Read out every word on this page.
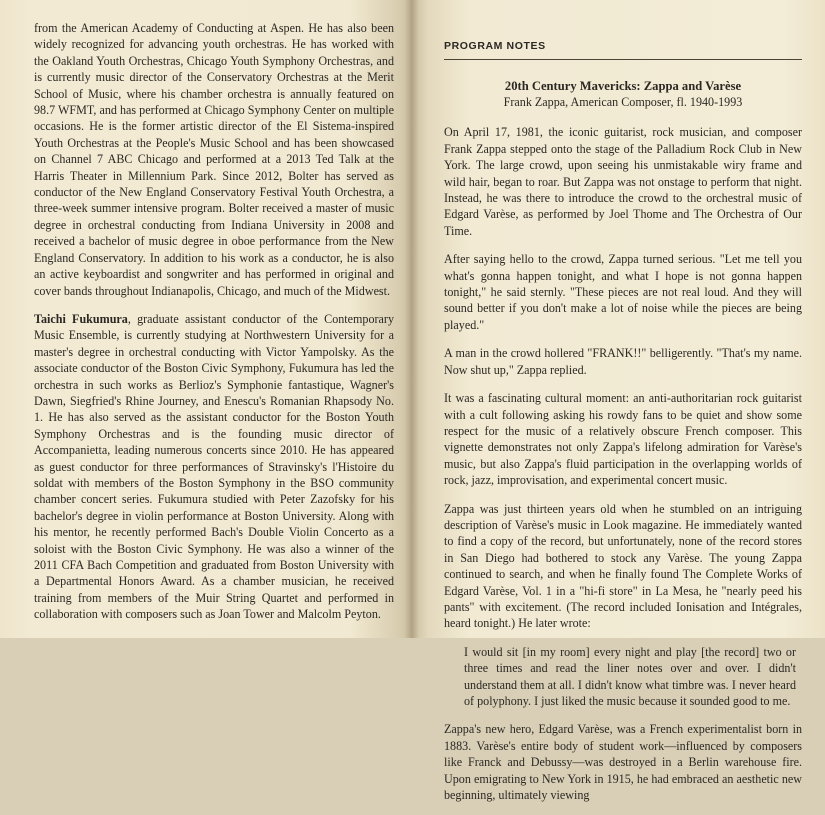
from the American Academy of Conducting at Aspen. He has also been widely recognized for advancing youth orchestras. He has worked with the Oakland Youth Orchestras, Chicago Youth Symphony Orchestras, and is currently music director of the Conservatory Orchestras at the Merit School of Music, where his chamber orchestra is annually featured on 98.7 WFMT, and has performed at Chicago Symphony Center on multiple occasions. He is the former artistic director of the El Sistema-inspired Youth Orchestras at the People's Music School and has been showcased on Channel 7 ABC Chicago and performed at a 2013 Ted Talk at the Harris Theater in Millennium Park. Since 2012, Bolter has served as conductor of the New England Conservatory Festival Youth Orchestra, a three-week summer intensive program. Bolter received a master of music degree in orchestral conducting from Indiana University in 2008 and received a bachelor of music degree in oboe performance from the New England Conservatory. In addition to his work as a conductor, he is also an active keyboardist and songwriter and has performed in original and cover bands throughout Indianapolis, Chicago, and much of the Midwest.

Taichi Fukumura, graduate assistant conductor of the Contemporary Music Ensemble, is currently studying at Northwestern University for a master's degree in orchestral conducting with Victor Yampolsky. As the associate conductor of the Boston Civic Symphony, Fukumura has led the orchestra in such works as Berlioz's Symphonie fantastique, Wagner's Dawn, Siegfried's Rhine Journey, and Enescu's Romanian Rhapsody No. 1. He has also served as the assistant conductor for the Boston Youth Symphony Orchestras and is the founding music director of Accompanietta, leading numerous concerts since 2010. He has appeared as guest conductor for three performances of Stravinsky's l'Histoire du soldat with members of the Boston Symphony in the BSO community chamber concert series. Fukumura studied with Peter Zazofsky for his bachelor's degree in violin performance at Boston University. Along with his mentor, he recently performed Bach's Double Violin Concerto as a soloist with the Boston Civic Symphony. He was also a winner of the 2011 CFA Bach Competition and graduated from Boston University with a Departmental Honors Award. As a chamber musician, he received training from members of the Muir String Quartet and performed in collaboration with composers such as Joan Tower and Malcolm Peyton.

PROGRAM NOTES
20th Century Mavericks: Zappa and Varèse
Frank Zappa, American Composer, fl. 1940-1993

On April 17, 1981, the iconic guitarist, rock musician, and composer Frank Zappa stepped onto the stage of the Palladium Rock Club in New York. The large crowd, upon seeing his unmistakable wiry frame and wild hair, began to roar. But Zappa was not onstage to perform that night. Instead, he was there to introduce the crowd to the orchestral music of Edgard Varèse, as performed by Joel Thome and The Orchestra of Our Time.

After saying hello to the crowd, Zappa turned serious. "Let me tell you what's gonna happen tonight, and what I hope is not gonna happen tonight," he said sternly. "These pieces are not real loud. And they will sound better if you don't make a lot of noise while the pieces are being played."

A man in the crowd hollered "FRANK!!" belligerently. "That's my name. Now shut up," Zappa replied.

It was a fascinating cultural moment: an anti-authoritarian rock guitarist with a cult following asking his rowdy fans to be quiet and show some respect for the music of a relatively obscure French composer. This vignette demonstrates not only Zappa's lifelong admiration for Varèse's music, but also Zappa's fluid participation in the overlapping worlds of rock, jazz, improvisation, and experimental concert music.

Zappa was just thirteen years old when he stumbled on an intriguing description of Varèse's music in Look magazine. He immediately wanted to find a copy of the record, but unfortunately, none of the record stores in San Diego had bothered to stock any Varèse. The young Zappa continued to search, and when he finally found The Complete Works of Edgard Varèse, Vol. 1 in a "hi-fi store" in La Mesa, he "nearly peed his pants" with excitement. (The record included Ionisation and Intégrales, heard tonight.) He later wrote:

I would sit [in my room] every night and play [the record] two or three times and read the liner notes over and over. I didn't understand them at all. I didn't know what timbre was. I never heard of polyphony. I just liked the music because it sounded good to me.

Zappa's new hero, Edgard Varèse, was a French experimentalist born in 1883. Varèse's entire body of student work—influenced by composers like Franck and Debussy—was destroyed in a Berlin warehouse fire. Upon emigrating to New York in 1915, he had embraced an aesthetic new beginning, ultimately viewing
